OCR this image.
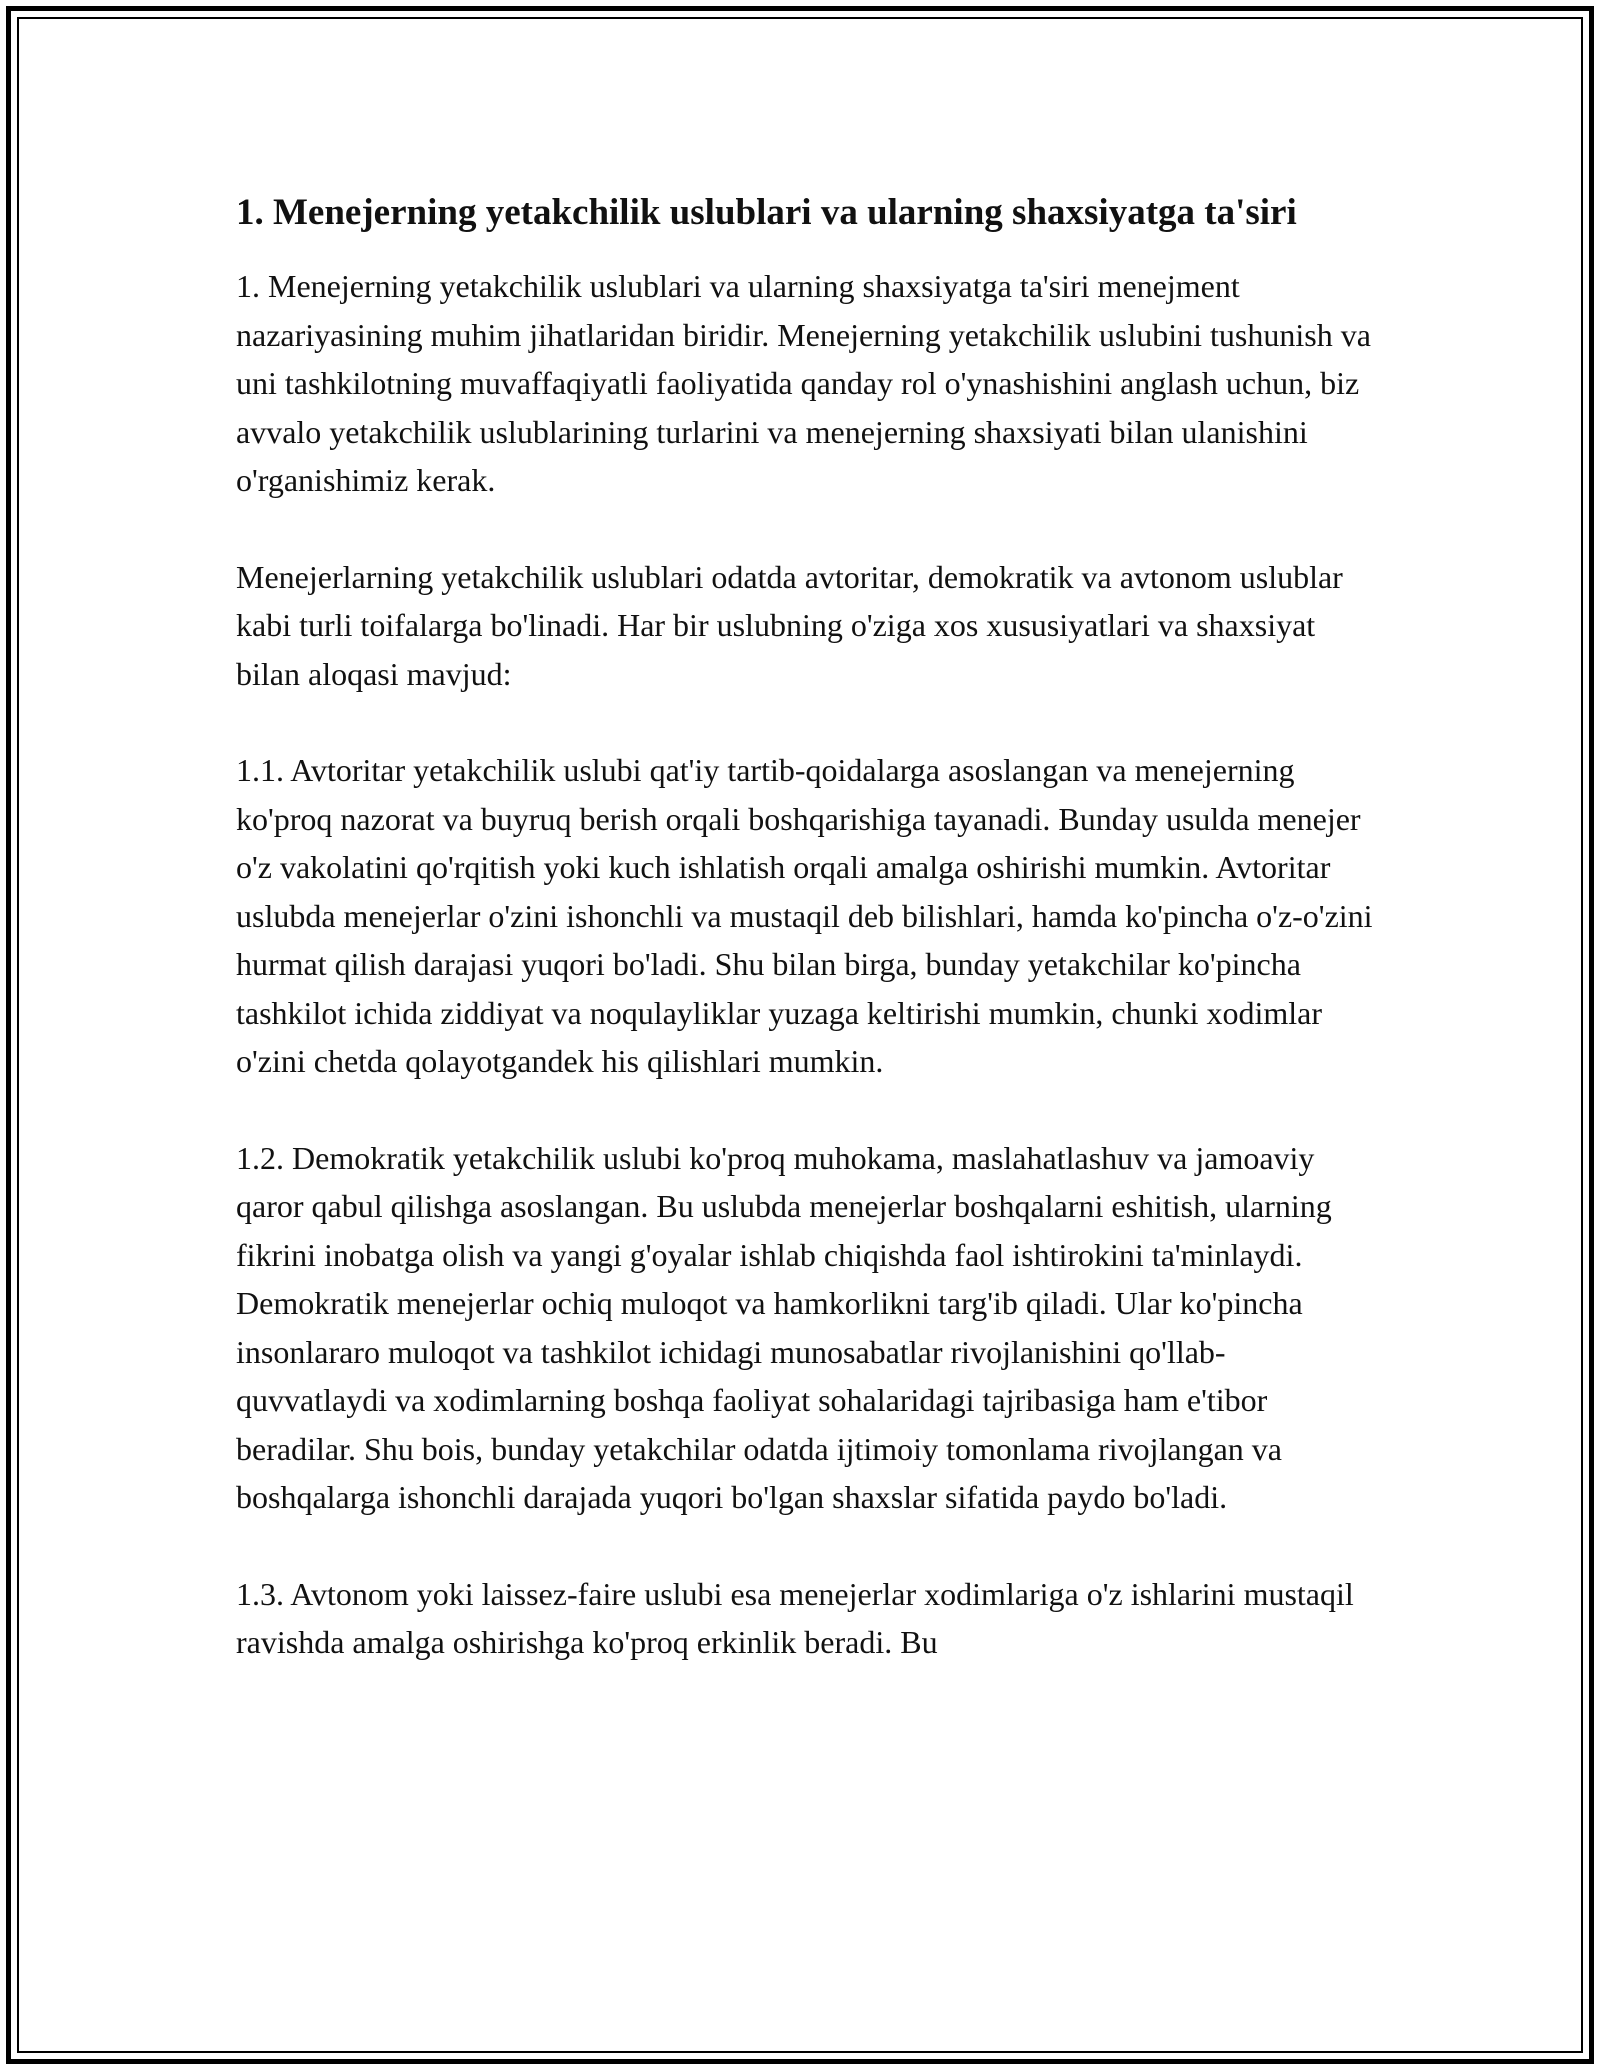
1. Menejerning yetakchilik uslublari va ularning shaxsiyatga ta'siri

1. Menejerning yetakchilik uslublari va ularning shaxsiyatga ta'siri menejment nazariyasining muhim jihatlaridan biridir. Menejerning yetakchilik uslubini tushunish va uni tashkilotning muvaffaqiyatli faoliyatida qanday rol o'ynashishini anglash uchun, biz avvalo yetakchilik uslublarining turlarini va menejerning shaxsiyati bilan ulanishini o'rganishimiz kerak.

Menejerlarning yetakchilik uslublari odatda avtoritar, demokratik va avtonom uslublar kabi turli toifalarga bo'linadi. Har bir uslubning o'ziga xos xususiyatlari va shaxsiyat bilan aloqasi mavjud:

1.1. Avtoritar yetakchilik uslubi qat'iy tartib-qoidalarga asoslangan va menejerning ko'proq nazorat va buyruq berish orqali boshqarishiga tayanadi. Bunday usulda menejer o'z vakolatini qo'rqitish yoki kuch ishlatish orqali amalga oshirishi mumkin. Avtoritar uslubda menejerlar o'zini ishonchli va mustaqil deb bilishlari, hamda ko'pincha o'z-o'zini hurmat qilish darajasi yuqori bo'ladi. Shu bilan birga, bunday yetakchilar ko'pincha tashkilot ichida ziddiyat va noqulayliklar yuzaga keltirishi mumkin, chunki xodimlar o'zini chetda qolayotgandek his qilishlari mumkin.

1.2. Demokratik yetakchilik uslubi ko'proq muhokama, maslahatlashuv va jamoaviy qaror qabul qilishga asoslangan. Bu uslubda menejerlar boshqalarni eshitish, ularning fikrini inobatga olish va yangi g'oyalar ishlab chiqishda faol ishtirokini ta'minlaydi. Demokratik menejerlar ochiq muloqot va hamkorlikni targ'ib qiladi. Ular ko'pincha insonlararo muloqot va tashkilot ichidagi munosabatlar rivojlanishini qo'llab-quvvatlaydi va xodimlarning boshqa faoliyat sohalaridagi tajribasiga ham e'tibor beradilar. Shu bois, bunday yetakchilar odatda ijtimoiy tomonlama rivojlangan va boshqalarga ishonchli darajada yuqori bo'lgan shaxslar sifatida paydo bo'ladi.

1.3. Avtonom yoki laissez-faire uslubi esa menejerlar xodimlariga o'z ishlarini mustaqil ravishda amalga oshirishga ko'proq erkinlik beradi. Bu
